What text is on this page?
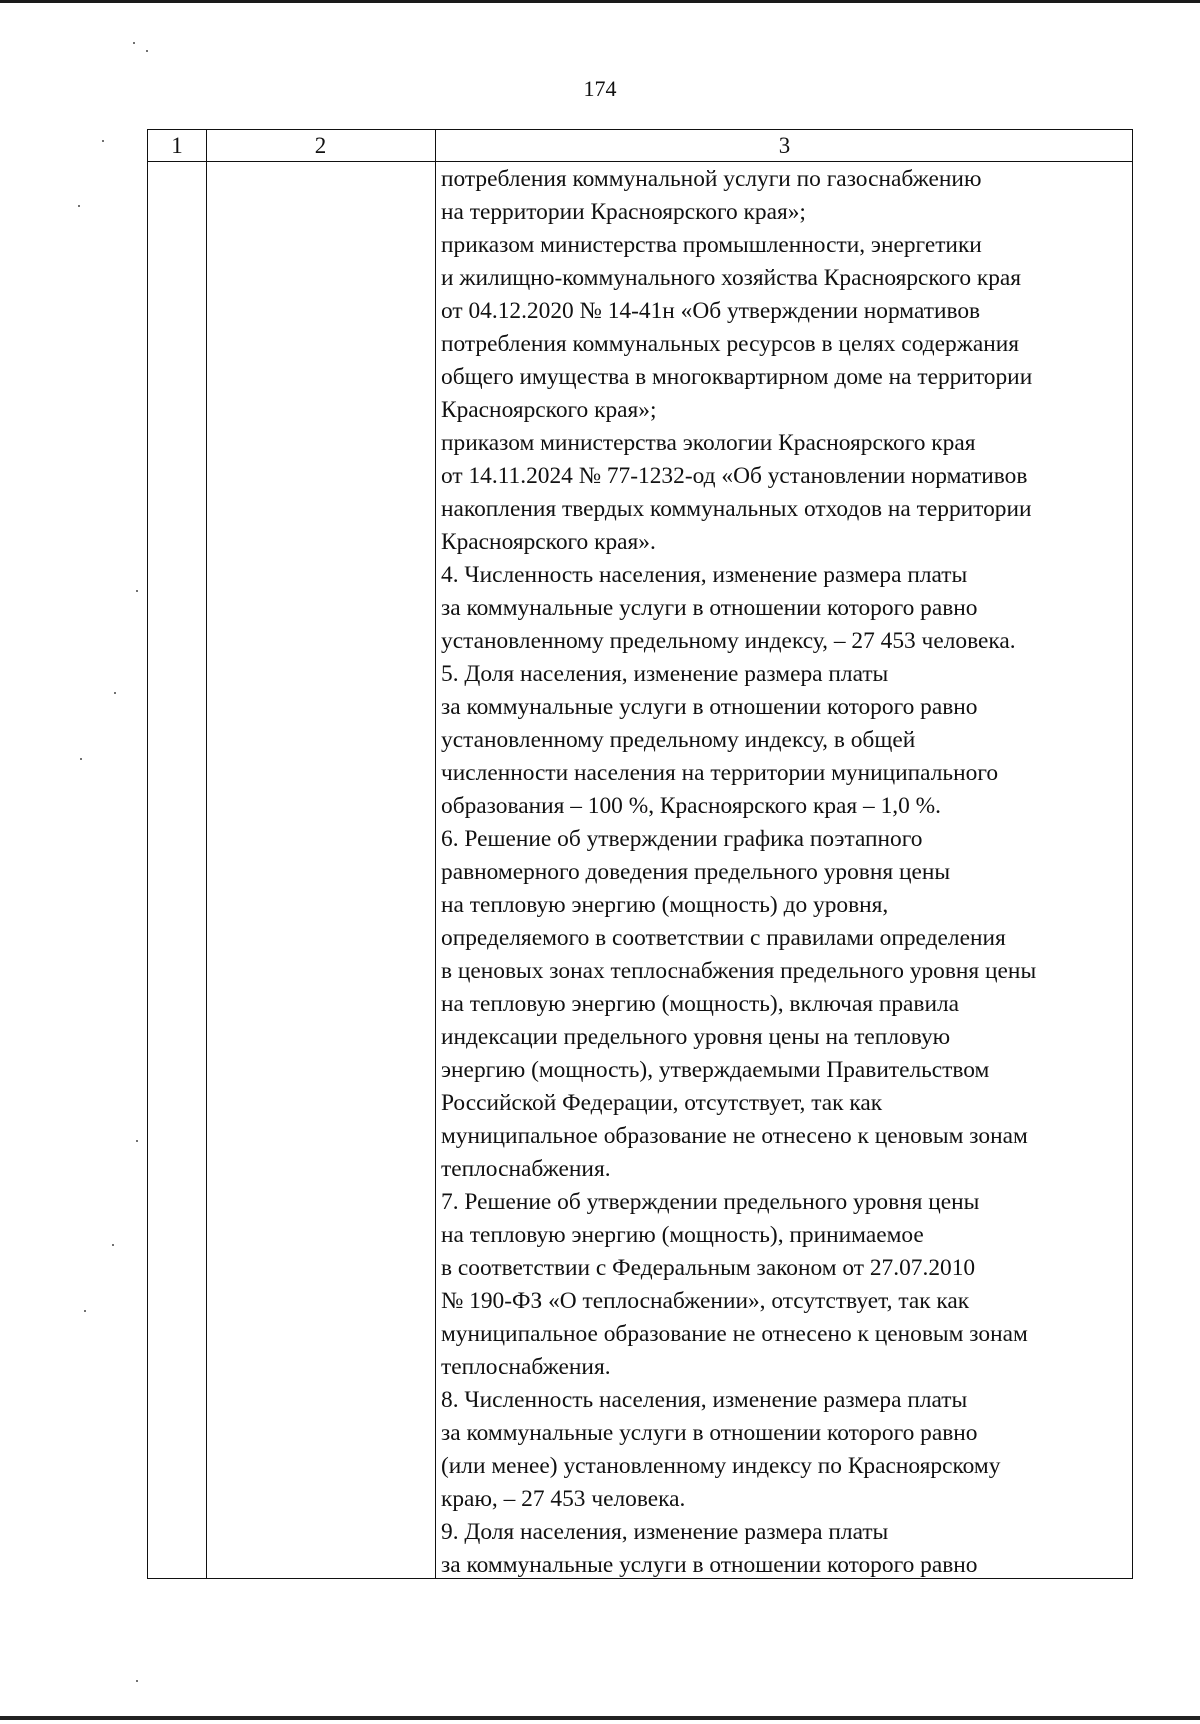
174
1	2	3
потребления коммунальной услуги по газоснабжению
на территории Красноярского края»;
приказом министерства промышленности, энергетики
и жилищно-коммунального хозяйства Красноярского края
от 04.12.2020 № 14-41н «Об утверждении нормативов
потребления коммунальных ресурсов в целях содержания
общего имущества в многоквартирном доме на территории
Красноярского края»;
приказом министерства экологии Красноярского края
от 14.11.2024 № 77-1232-од «Об установлении нормативов
накопления твердых коммунальных отходов на территории
Красноярского края».
4. Численность населения, изменение размера платы
за коммунальные услуги в отношении которого равно
установленному предельному индексу, – 27 453 человека.
5. Доля населения, изменение размера платы
за коммунальные услуги в отношении которого равно
установленному предельному индексу, в общей
численности населения на территории муниципального
образования – 100 %, Красноярского края – 1,0 %.
6. Решение об утверждении графика поэтапного
равномерного доведения предельного уровня цены
на тепловую энергию (мощность) до уровня,
определяемого в соответствии с правилами определения
в ценовых зонах теплоснабжения предельного уровня цены
на тепловую энергию (мощность), включая правила
индексации предельного уровня цены на тепловую
энергию (мощность), утверждаемыми Правительством
Российской Федерации, отсутствует, так как
муниципальное образование не отнесено к ценовым зонам
теплоснабжения.
7. Решение об утверждении предельного уровня цены
на тепловую энергию (мощность), принимаемое
в соответствии с Федеральным законом от 27.07.2010
№ 190-ФЗ «О теплоснабжении», отсутствует, так как
муниципальное образование не отнесено к ценовым зонам
теплоснабжения.
8. Численность населения, изменение размера платы
за коммунальные услуги в отношении которого равно
(или менее) установленному индексу по Красноярскому
краю, – 27 453 человека.
9. Доля населения, изменение размера платы
за коммунальные услуги в отношении которого равно
